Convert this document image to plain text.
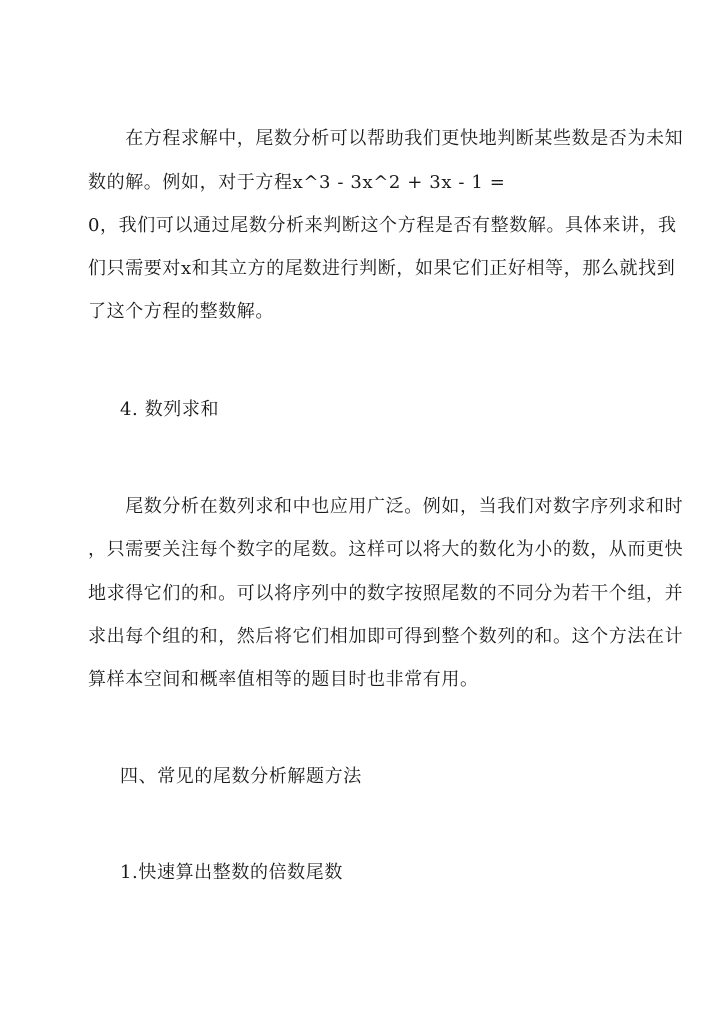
　　在方程求解中，尾数分析可以帮助我们更快地判断某些数是否为未知
数的解。例如，对于方程x^3 - 3x^2 + 3x - 1 =
0，我们可以通过尾数分析来判断这个方程是否有整数解。具体来讲，我
们只需要对x和其立方的尾数进行判断，如果它们正好相等，那么就找到
了这个方程的整数解。
4. 数列求和
　　尾数分析在数列求和中也应用广泛。例如，当我们对数字序列求和时
，只需要关注每个数字的尾数。这样可以将大的数化为小的数，从而更快
地求得它们的和。可以将序列中的数字按照尾数的不同分为若干个组，并
求出每个组的和，然后将它们相加即可得到整个数列的和。这个方法在计
算样本空间和概率值相等的题目时也非常有用。
四、常见的尾数分析解题方法
1.快速算出整数的倍数尾数
